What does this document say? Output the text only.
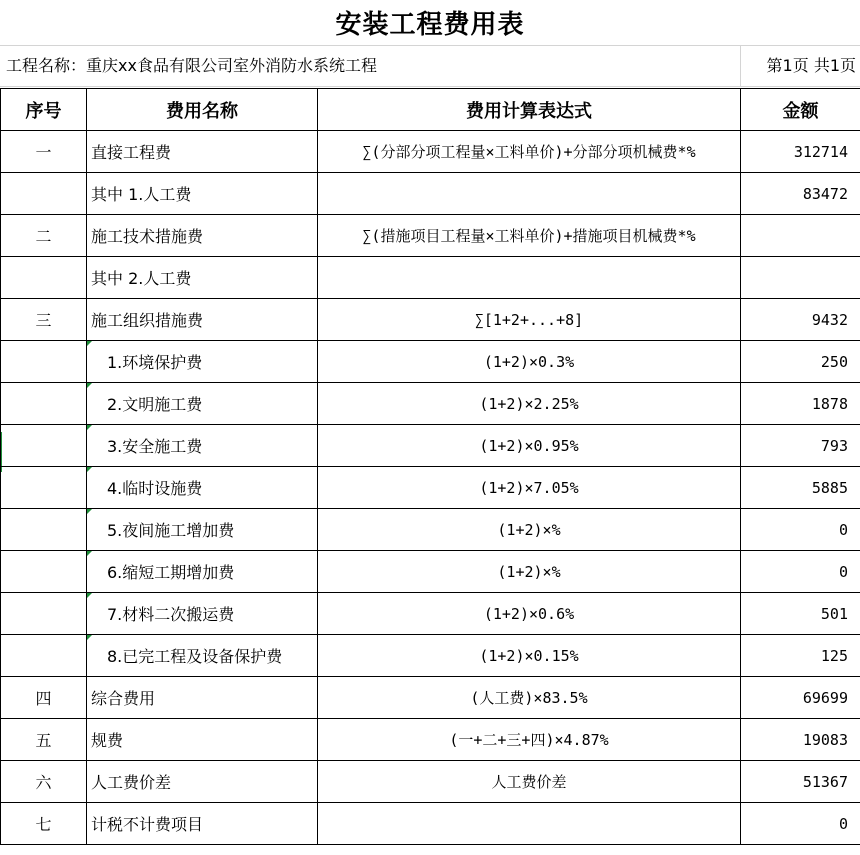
安装工程费用表
工程名称：重庆xx食品有限公司室外消防水系统工程	第1页 共1页
序号	费用名称	费用计算表达式	金额
一	直接工程费	∑(分部分项工程量×工料单价)+分部分项机械费*%	312714
	其中 1.人工费		83472
二	施工技术措施费	∑(措施项目工程量×工料单价)+措施项目机械费*%	
	其中 2.人工费		
三	施工组织措施费	∑[1+2+...+8]	9432
	1.环境保护费	(1+2)×0.3%	250
	2.文明施工费	(1+2)×2.25%	1878
	3.安全施工费	(1+2)×0.95%	793
	4.临时设施费	(1+2)×7.05%	5885
	5.夜间施工增加费	(1+2)×%	0
	6.缩短工期增加费	(1+2)×%	0
	7.材料二次搬运费	(1+2)×0.6%	501
	8.已完工程及设备保护费	(1+2)×0.15%	125
四	综合费用	(人工费)×83.5%	69699
五	规费	(一+二+三+四)×4.87%	19083
六	人工费价差	人工费价差	51367
七	计税不计费项目		0
